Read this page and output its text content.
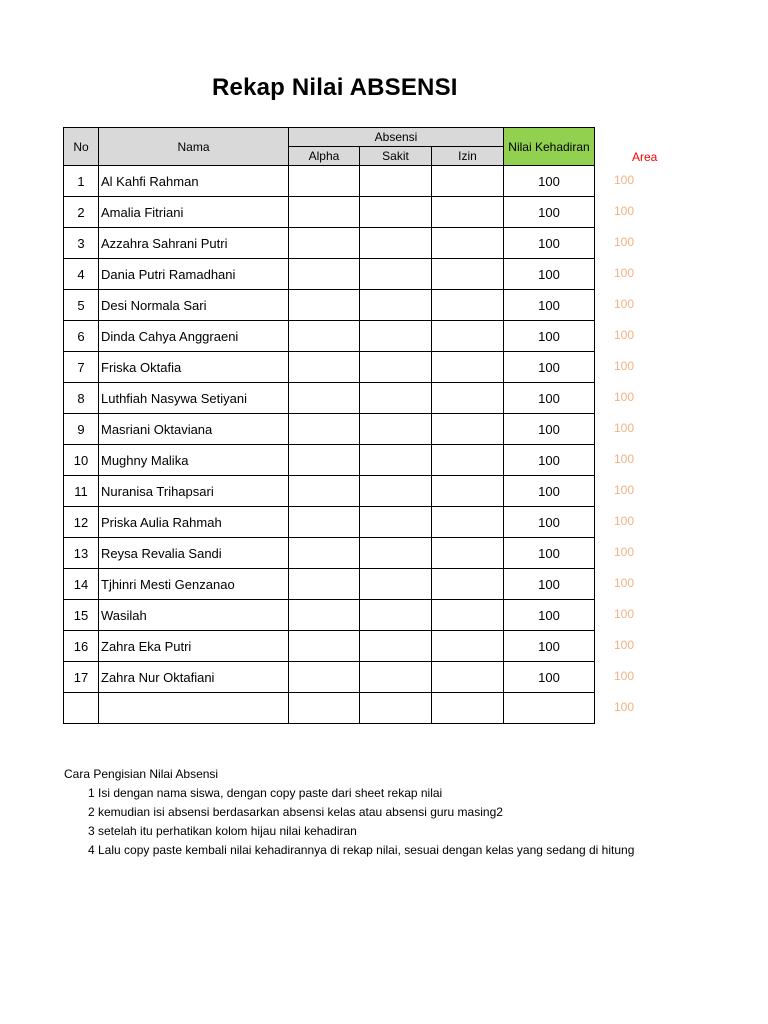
Rekap Nilai ABSENSI
No	Nama	Absensi			Nilai Kehadiran
		Alpha	Sakit	Izin	
1	Al Kahfi Rahman				100
2	Amalia Fitriani				100
3	Azzahra Sahrani Putri				100
4	Dania Putri Ramadhani				100
5	Desi Normala Sari				100
6	Dinda Cahya Anggraeni				100
7	Friska Oktafia				100
8	Luthfiah Nasywa Setiyani				100
9	Masriani Oktaviana				100
10	Mughny Malika				100
11	Nuranisa Trihapsari				100
12	Priska Aulia Rahmah				100
13	Reysa Revalia Sandi				100
14	Tjhinri Mesti Genzanao				100
15	Wasilah				100
16	Zahra Eka Putri				100
17	Zahra Nur Oktafiani				100

Area
100
100
100
100
100
100
100
100
100
100
100
100
100
100
100
100
100
100
Cara Pengisian Nilai Absensi
1 Isi dengan nama siswa, dengan copy paste dari sheet rekap nilai
2 kemudian isi absensi berdasarkan absensi kelas atau absensi guru masing2
3 setelah itu perhatikan kolom hijau nilai kehadiran
4 Lalu copy paste kembali nilai kehadirannya di rekap nilai, sesuai dengan kelas yang sedang di hitung
